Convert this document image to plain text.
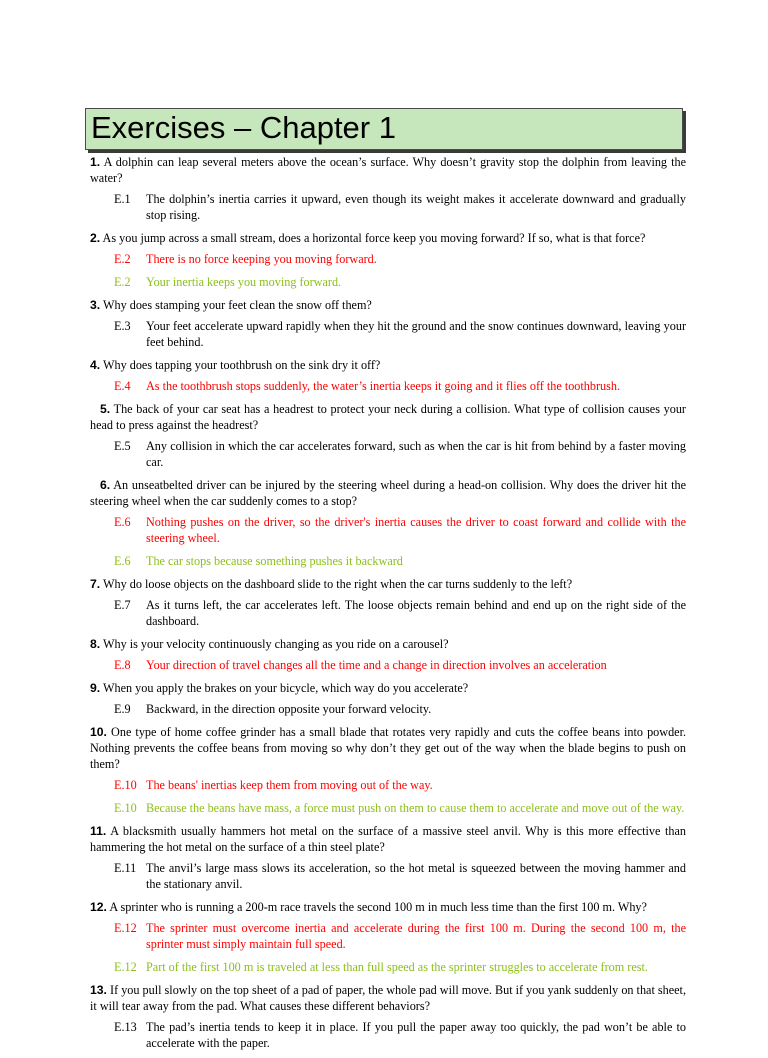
Exercises – Chapter 1
1. A dolphin can leap several meters above the ocean’s surface. Why doesn’t gravity stop the dolphin from leaving the water?
E.1 The dolphin’s inertia carries it upward, even though its weight makes it accelerate downward and gradually stop rising.
2. As you jump across a small stream, does a horizontal force keep you moving forward? If so, what is that force?
E.2 There is no force keeping you moving forward.
E.2 Your inertia keeps you moving forward.
3. Why does stamping your feet clean the snow off them?
E.3 Your feet accelerate upward rapidly when they hit the ground and the snow continues downward, leaving your feet behind.
4. Why does tapping your toothbrush on the sink dry it off?
E.4 As the toothbrush stops suddenly, the water’s inertia keeps it going and it flies off the toothbrush.
5. The back of your car seat has a headrest to protect your neck during a collision. What type of collision causes your head to press against the headrest?
E.5 Any collision in which the car accelerates forward, such as when the car is hit from behind by a faster moving car.
6. An unseatbelted driver can be injured by the steering wheel during a head-on collision. Why does the driver hit the steering wheel when the car suddenly comes to a stop?
E.6 Nothing pushes on the driver, so the driver's inertia causes the driver to coast forward and collide with the steering wheel.
E.6 The car stops because something pushes it backward
7. Why do loose objects on the dashboard slide to the right when the car turns suddenly to the left?
E.7 As it turns left, the car accelerates left. The loose objects remain behind and end up on the right side of the dashboard.
8. Why is your velocity continuously changing as you ride on a carousel?
E.8 Your direction of travel changes all the time and a change in direction involves an acceleration
9. When you apply the brakes on your bicycle, which way do you accelerate?
E.9 Backward, in the direction opposite your forward velocity.
10. One type of home coffee grinder has a small blade that rotates very rapidly and cuts the coffee beans into powder. Nothing prevents the coffee beans from moving so why don’t they get out of the way when the blade begins to push on them?
E.10 The beans' inertias keep them from moving out of the way.
E.10 Because the beans have mass, a force must push on them to cause them to accelerate and move out of the way.
11. A blacksmith usually hammers hot metal on the surface of a massive steel anvil. Why is this more effective than hammering the hot metal on the surface of a thin steel plate?
E.11 The anvil’s large mass slows its acceleration, so the hot metal is squeezed between the moving hammer and the stationary anvil.
12. A sprinter who is running a 200-m race travels the second 100 m in much less time than the first 100 m. Why?
E.12 The sprinter must overcome inertia and accelerate during the first 100 m. During the second 100 m, the sprinter must simply maintain full speed.
E.12 Part of the first 100 m is traveled at less than full speed as the sprinter struggles to accelerate from rest.
13. If you pull slowly on the top sheet of a pad of paper, the whole pad will move. But if you yank suddenly on that sheet, it will tear away from the pad. What causes these different behaviors?
E.13 The pad’s inertia tends to keep it in place. If you pull the paper away too quickly, the pad won’t be able to accelerate with the paper.
